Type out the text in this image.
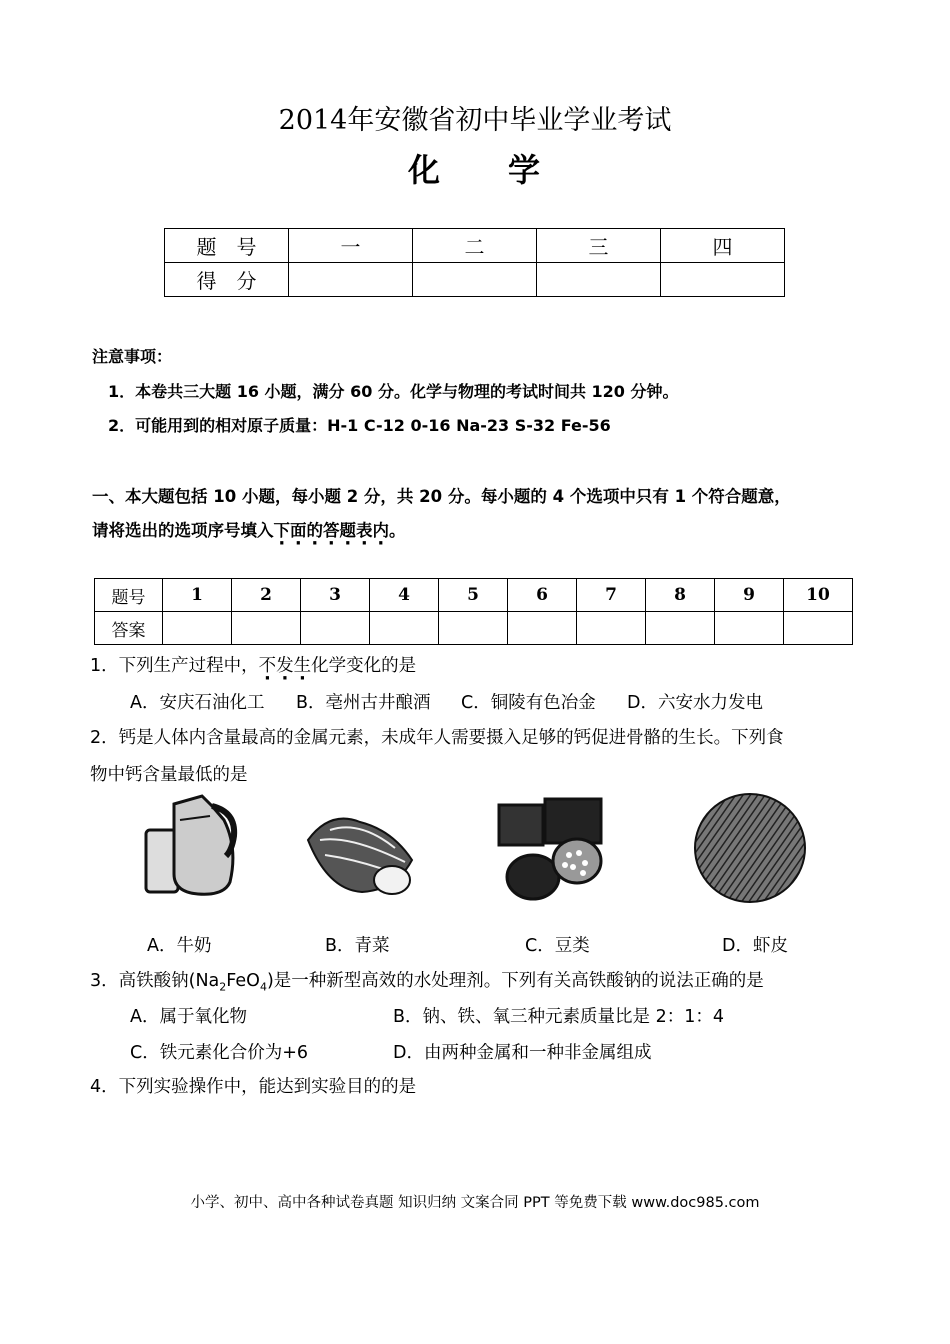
2014年安徽省初中毕业学业考试
化 学
题　号	一	二	三	四
得　分				
注意事项：
1．本卷共三大题 16 小题，满分 60 分。化学与物理的考试时间共 120 分钟。
2．可能用到的相对原子质量：H-1 C-12 0-16 Na-23 S-32 Fe-56
一、本大题包括 10 小题，每小题 2 分，共 20 分。每小题的 4 个选项中只有 1 个符合题意，
请将选出的选项序号填入下面的答题表内。
题号	1	2	3	4	5	6	7	8	9	10
答案										
1．下列生产过程中，不发生化学变化的是
A．安庆石油化工 B．亳州古井酿酒 C．铜陵有色冶金 D．六安水力发电
2．钙是人体内含量最高的金属元素，未成年人需要摄入足够的钙促进骨骼的生长。下列食
物中钙含量最低的是
A．牛奶	B．青菜	C．豆类	D．虾皮
3．高铁酸钠$(Na_2FeO_4)$是一种新型高效的水处理剂。下列有关高铁酸钠的说法正确的是
A．属于氧化物	B．钠、铁、氧三种元素质量比是 2：1：4
C．铁元素化合价为+6	D．由两种金属和一种非金属组成
4．下列实验操作中，能达到实验目的的是
小学、初中、高中各种试卷真题 知识归纳 文案合同 PPT 等免费下载 www.doc985.com
